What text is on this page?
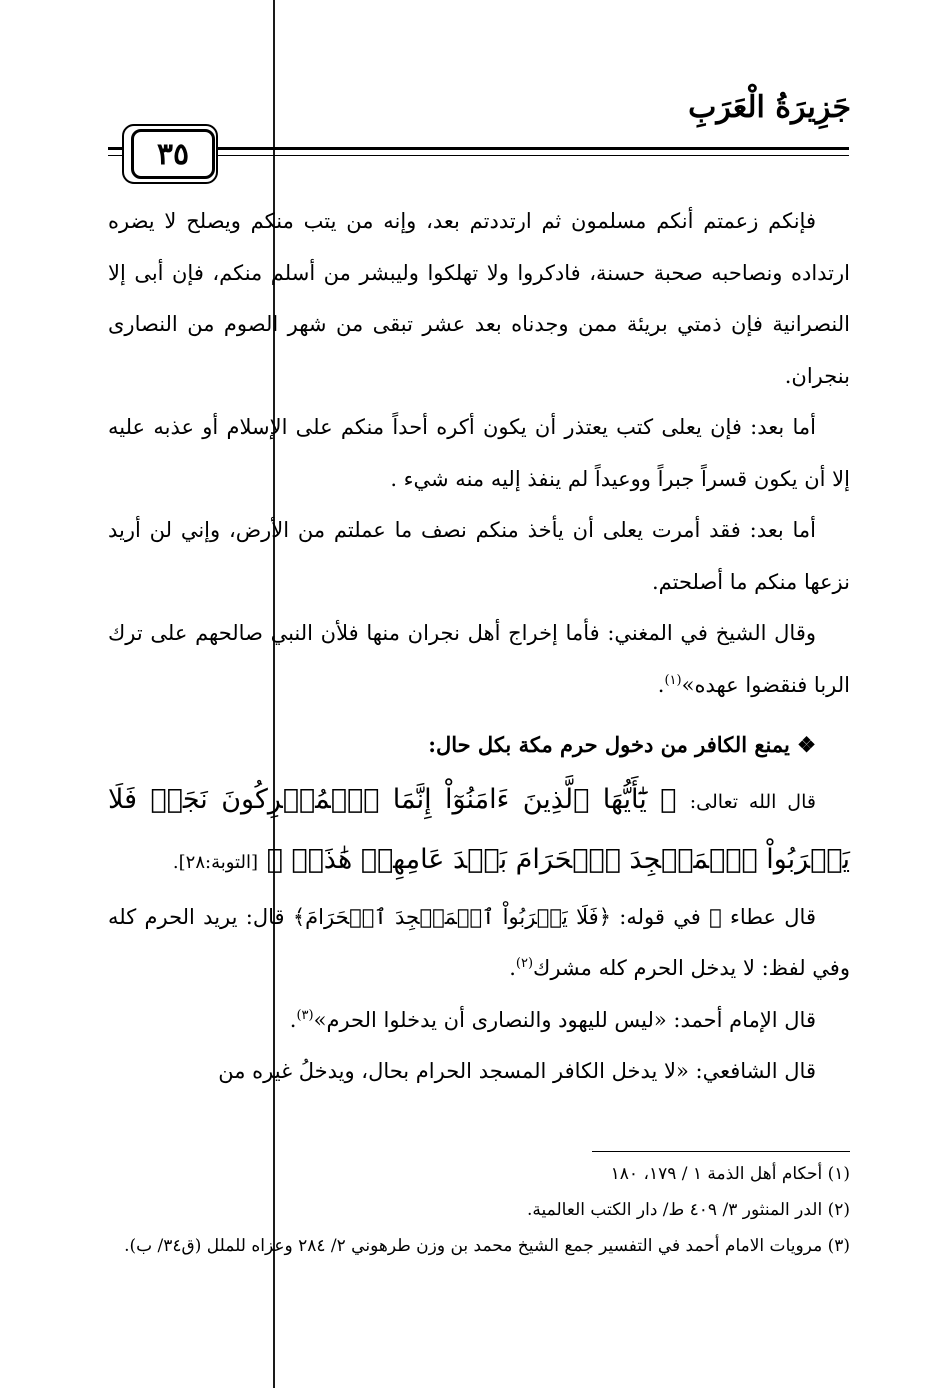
جَزِيرَةُ الْعَرَبِ
٣٥

فإنكم زعمتم أنكم مسلمون ثم ارتددتم بعد، وإنه من يتب منكم ويصلح لا يضره ارتداده ونصاحبه صحبة حسنة، فادكروا ولا تهلكوا وليبشر من أسلم منكم، فإن أبى إلا النصرانية فإن ذمتي بريئة ممن وجدناه بعد عشر تبقى من شهر الصوم من النصارى بنجران.

أما بعد: فإن يعلى كتب يعتذر أن يكون أكره أحداً منكم على الإسلام أو عذبه عليه إلا أن يكون قسراً جبراً ووعيداً لم ينفذ إليه منه شيء .

أما بعد: فقد أمرت يعلى أن يأخذ منكم نصف ما عملتم من الأرض، وإني لن أريد نزعها منكم ما أصلحتم.

وقال الشيخ في المغني: فأما إخراج أهل نجران منها فلأن النبي صالحهم على ترك الربا فنقضوا عهده»$^{(١)}$.

❖ يمنع الكافر من دخول حرم مكة بكل حال:

قال الله تعالى: ﴿ يَٰٓأَيُّهَا ٱلَّذِينَ ءَامَنُوٓاْ إِنَّمَا ٱلۡمُشۡرِكُونَ نَجَسٞ فَلَا يَقۡرَبُواْ ٱلۡمَسۡجِدَ ٱلۡحَرَامَ بَعۡدَ عَامِهِمۡ هَٰذَاۚ ﴾ [التوبة:٢٨].

قال عطاء ﷺ في قوله: ﴿فَلَا يَقۡرَبُواْ ٱلۡمَسۡجِدَ ٱلۡحَرَامَ﴾ قال: يريد الحرم كله وفي لفظ: لا يدخل الحرم كله مشرك$^{(٢)}$.

قال الإمام أحمد: «ليس لليهود والنصارى أن يدخلوا الحرم»$^{(٣)}$.

قال الشافعي: «لا يدخل الكافر المسجد الحرام بحال، ويدخلُ غيره من

(١) أحكام أهل الذمة ١ / ١٧٩، ١٨٠

(٢) الدر المنثور ٣/ ٤٠٩ ط/ دار الكتب العالمية.

(٣) مرويات الامام أحمد في التفسير جمع الشيخ محمد بن وزن طرهوني ٢/ ٢٨٤ وعزاه للملل (ق٣٤/ ب).
